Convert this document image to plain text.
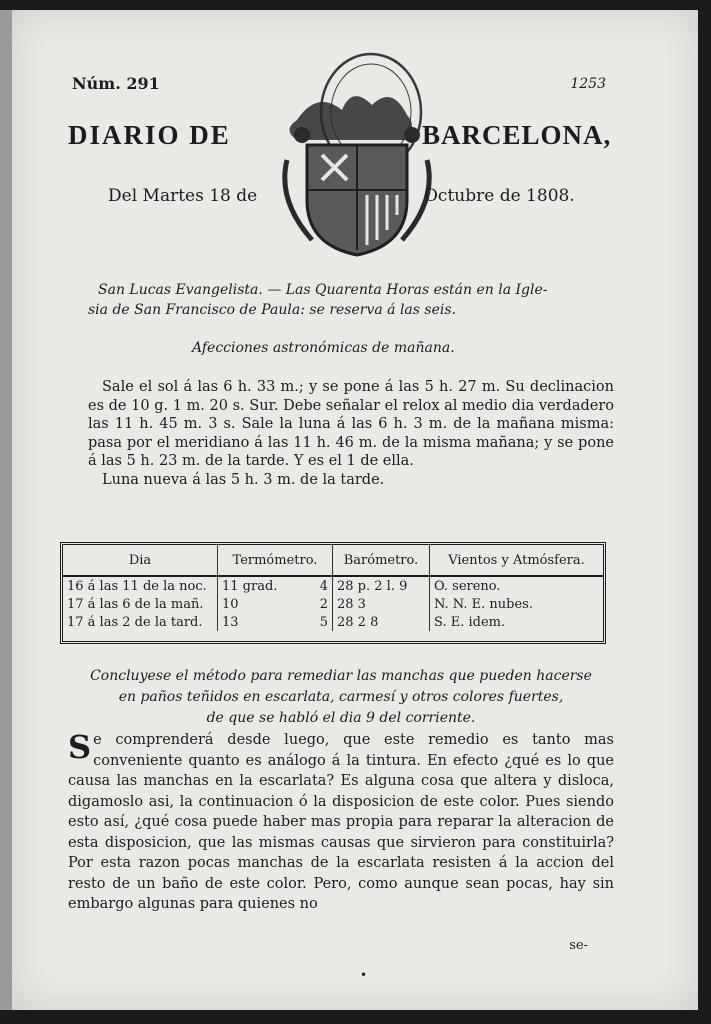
Núm. 291	1253
DIARIO DE	BARCELONA,
Del Martes 18 de	Octubre de 1808.
San Lucas Evangelista. — Las Quarenta Horas están en la Igle-
sia de San Francisco de Paula: se reserva á las seis.
Afecciones astronómicas de mañana.

Sale el sol á las 6 h. 33 m.; y se pone á las 5 h. 27 m. Su declinacion es de 10 g. 1 m. 20 s. Sur. Debe señalar el relox al medio dia verdadero las 11 h. 45 m. 3 s. Sale la luna á las 6 h. 3 m. de la mañana misma: pasa por el meridiano á las 11 h. 46 m. de la misma mañana; y se pone á las 5 h. 23 m. de la tarde. Y es el 1 de ella.

Luna nueva á las 5 h. 3 m. de la tarde.

Dia	Termómetro.	Barómetro.	Vientos y Atmósfera.
16 á las 11 de la noc.	11 grad. 4	28 p. 2 l. 9	O. sereno.
17 á las 6 de la mañ.	10 2	28 3	N. N. E. nubes.
17 á las 2 de la tard.	13 5	28 2 8	S. E. idem.
Concluyese el método para remediar las manchas que pueden hacerse
en paños teñidos en escarlata, carmesí y otros colores fuertes,
de que se habló el dia 9 del corriente.

Se comprenderá desde luego, que este remedio es tanto mas conveniente quanto es análogo á la tintura. En efecto ¿qué es lo que causa las manchas en la escarlata? Es alguna cosa que altera y disloca, digamoslo asi, la continuacion ó la disposicion de este color. Pues siendo esto así, ¿qué cosa puede haber mas propia para reparar la alteracion de esta disposicion, que las mismas causas que sirvieron para constituirla? Por esta razon pocas manchas de la escarlata resisten á la accion del resto de un baño de este color. Pero, como aunque sean pocas, hay sin embargo algunas para quienes no

se-
•
